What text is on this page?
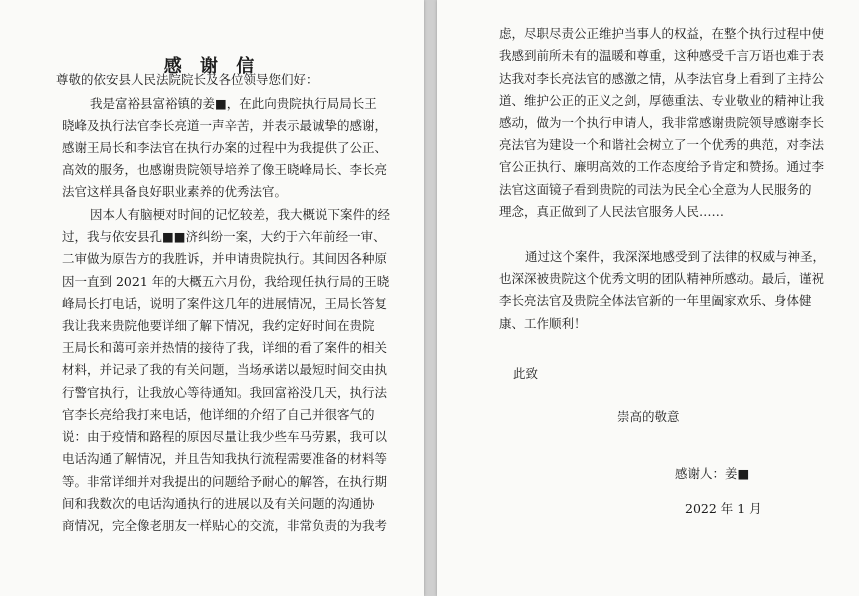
感 谢 信
尊敬的依安县人民法院院长及各位领导您们好：
我是富裕县富裕镇的姜■，在此向贵院执行局局长王
晓峰及执行法官李长亮道一声辛苦，并表示最诚挚的感谢，
感谢王局长和李法官在执行办案的过程中为我提供了公正、
高效的服务，也感谢贵院领导培养了像王晓峰局长、李长亮
法官这样具备良好职业素养的优秀法官。
因本人有脑梗对时间的记忆较差，我大概说下案件的经
过，我与依安县孔■■济纠纷一案，大约于六年前经一审、
二审做为原告方的我胜诉，并申请贵院执行。其间因各种原
因一直到 2021 年的大概五六月份，我给现任执行局的王晓
峰局长打电话，说明了案件这几年的进展情况，王局长答复
我让我来贵院他要详细了解下情况，我约定好时间在贵院
王局长和蔼可亲并热情的接待了我，详细的看了案件的相关
材料，并记录了我的有关问题，当场承诺以最短时间交由执
行警官执行，让我放心等待通知。我回富裕没几天，执行法
官李长亮给我打来电话，他详细的介绍了自己并很客气的
说：由于疫情和路程的原因尽量让我少些车马劳累，我可以
电话沟通了解情况，并且告知我执行流程需要准备的材料等
等。非常详细并对我提出的问题给予耐心的解答，在执行期
间和我数次的电话沟通执行的进展以及有关问题的沟通协
商情况，完全像老朋友一样贴心的交流，非常负责的为我考
虑，尽职尽责公正维护当事人的权益，在整个执行过程中使
我感到前所未有的温暖和尊重，这种感受千言万语也难于表
达我对李长亮法官的感激之情，从李法官身上看到了主持公
道、维护公正的正义之剑，厚德重法、专业敬业的精神让我
感动，做为一个执行申请人，我非常感谢贵院领导感谢李长
亮法官为建设一个和谐社会树立了一个优秀的典范，对李法
官公正执行、廉明高效的工作态度给予肯定和赞扬。通过李
法官这面镜子看到贵院的司法为民全心全意为人民服务的
理念，真正做到了人民法官服务人民……
通过这个案件，我深深地感受到了法律的权威与神圣，
也深深被贵院这个优秀文明的团队精神所感动。最后，谨祝
李长亮法官及贵院全体法官新的一年里阖家欢乐、身体健
康、工作顺利！
此致
崇高的敬意
感谢人：姜■
2022 年 1 月
